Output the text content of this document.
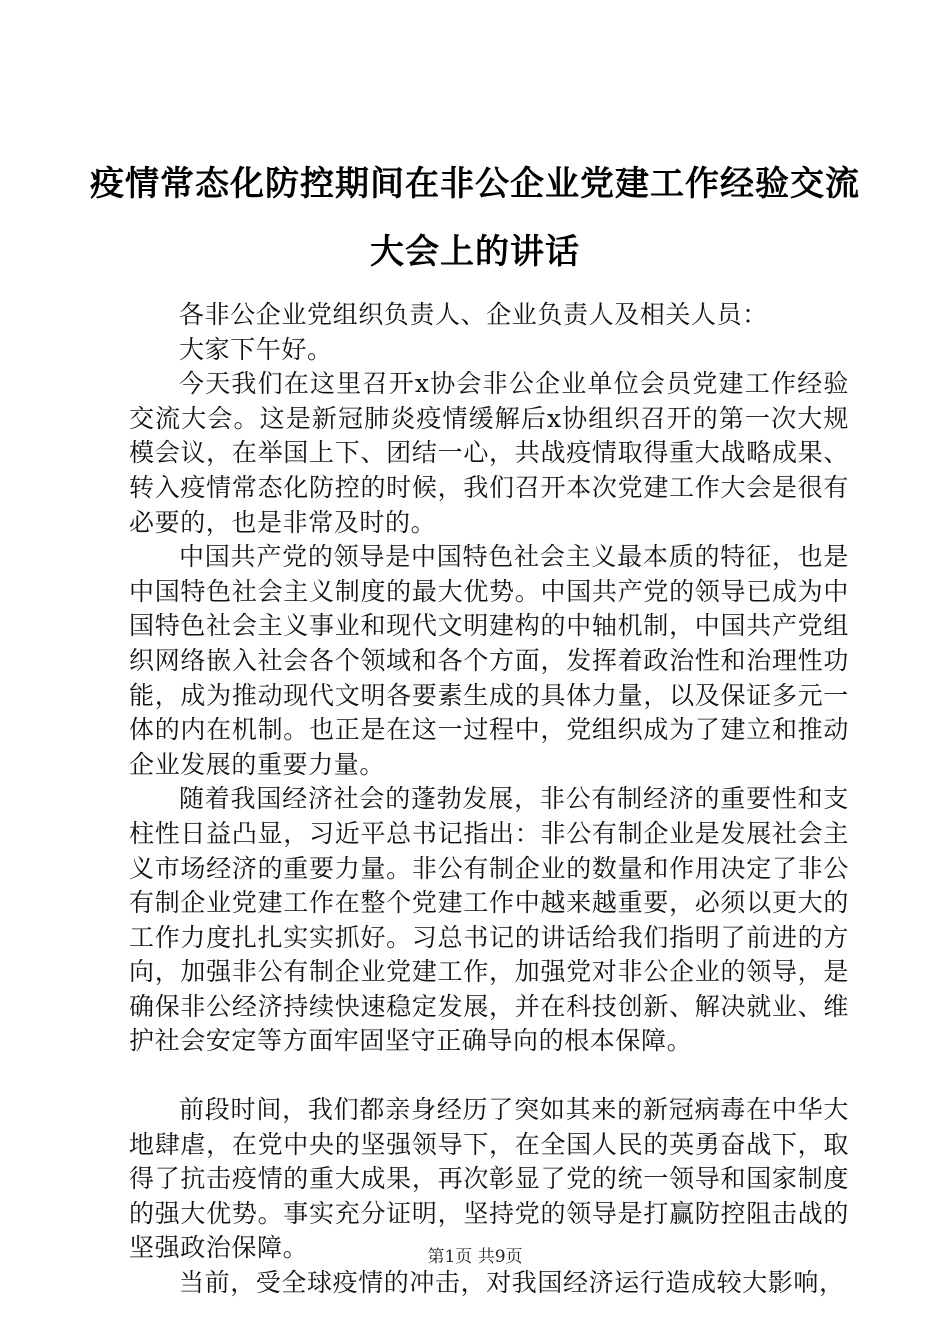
疫情常态化防控期间在非公企业党建工作经验交流大会上的讲话

各非公企业党组织负责人、企业负责人及相关人员：

大家下午好。

今天我们在这里召开x协会非公企业单位会员党建工作经验交流大会。这是新冠肺炎疫情缓解后x协组织召开的第一次大规模会议，在举国上下、团结一心，共战疫情取得重大战略成果、转入疫情常态化防控的时候，我们召开本次党建工作大会是很有必要的，也是非常及时的。

中国共产党的领导是中国特色社会主义最本质的特征，也是中国特色社会主义制度的最大优势。中国共产党的领导已成为中国特色社会主义事业和现代文明建构的中轴机制，中国共产党组织网络嵌入社会各个领域和各个方面，发挥着政治性和治理性功能，成为推动现代文明各要素生成的具体力量，以及保证多元一体的内在机制。也正是在这一过程中，党组织成为了建立和推动企业发展的重要力量。

随着我国经济社会的蓬勃发展，非公有制经济的重要性和支柱性日益凸显，习近平总书记指出：非公有制企业是发展社会主义市场经济的重要力量。非公有制企业的数量和作用决定了非公有制企业党建工作在整个党建工作中越来越重要，必须以更大的工作力度扎扎实实抓好。习总书记的讲话给我们指明了前进的方向，加强非公有制企业党建工作，加强党对非公企业的领导，是确保非公经济持续快速稳定发展，并在科技创新、解决就业、维护社会安定等方面牢固坚守正确导向的根本保障。

前段时间，我们都亲身经历了突如其来的新冠病毒在中华大地肆虐，在党中央的坚强领导下，在全国人民的英勇奋战下，取得了抗击疫情的重大成果，再次彰显了党的统一领导和国家制度的强大优势。事实充分证明，坚持党的领导是打赢防控阻击战的坚强政治保障。

当前，受全球疫情的冲击，对我国经济运行造成较大影响，

第1页 共9页
